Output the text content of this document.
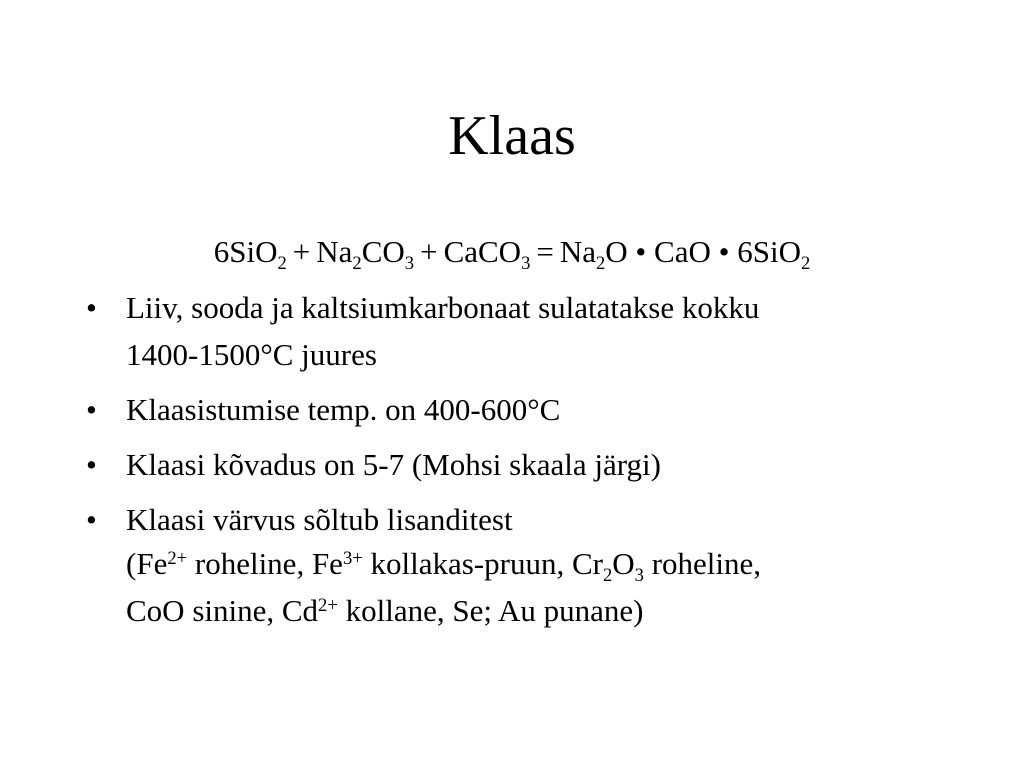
Klaas
$6SiO_2 + Na_2CO_3$ + CaCO$_3$ = $Na_2O$ • CaO • 6SiO$_2$
• Liiv, sooda ja kaltsiumkarbonaat sulatatakse kokku
1400-1500°C juures
• Klaasistumise temp. on 400-600°C
• Klaasi kõvadus on 5-7 (Mohsi skaala järgi)
• Klaasi värvus sõltub lisanditest
($Fe^{2+}$ roheline, $Fe^{3+}$ kollakas-pruun, $Cr_2O_3$ roheline,
CoO sinine, $Cd^{2+}$ kollane, Se; Au punane)
